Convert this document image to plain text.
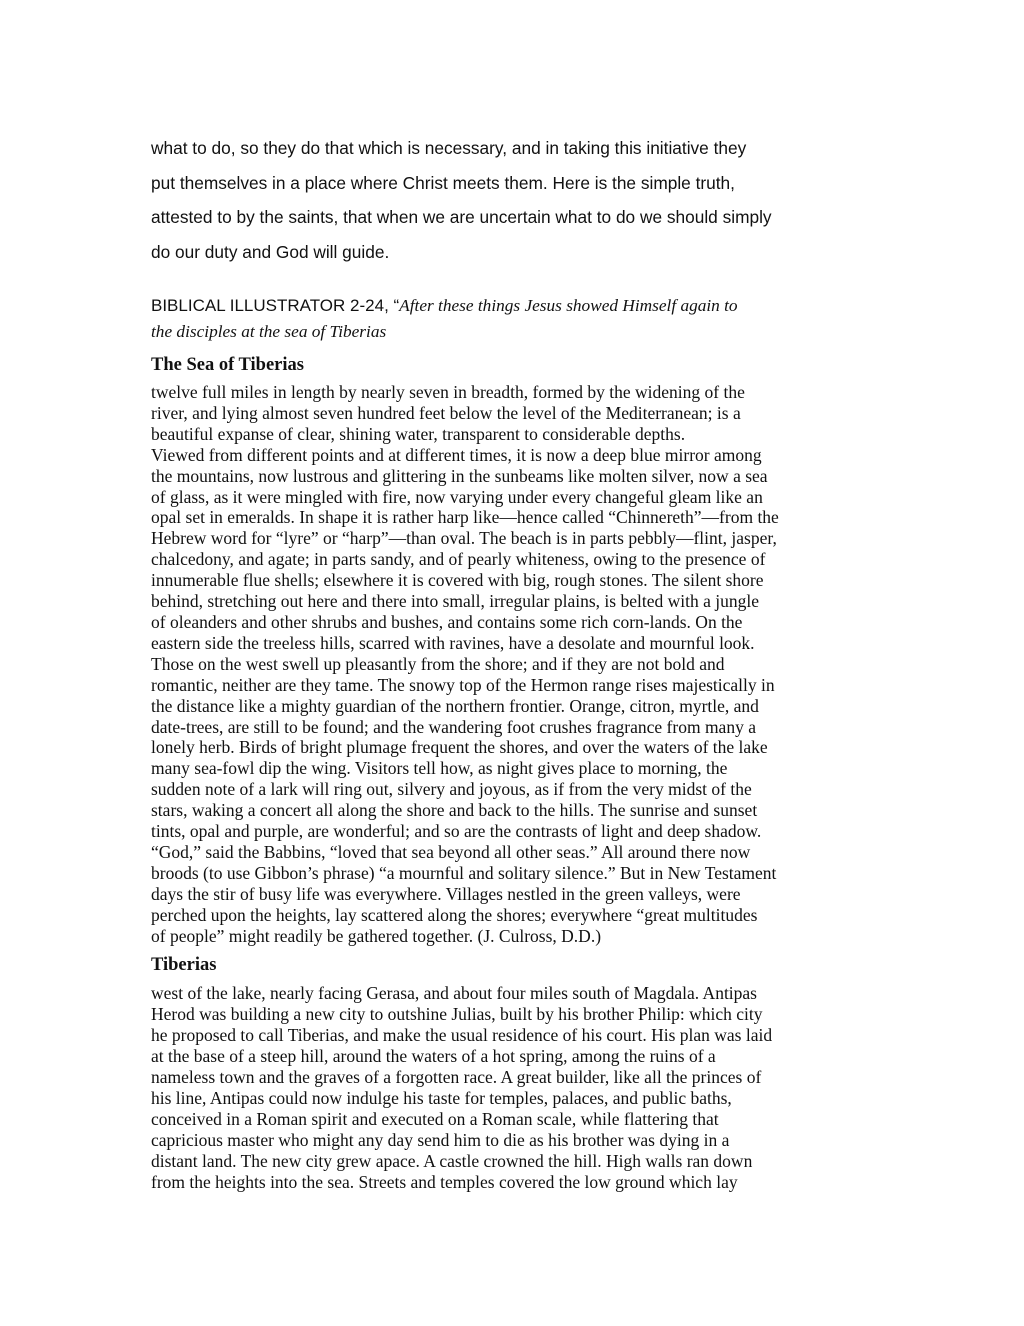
what to do, so they do that which is necessary, and in taking this initiative they
put themselves in a place where Christ meets them. Here is the simple truth,
attested to by the saints, that when we are uncertain what to do we should simply
do our duty and God will guide.

BIBLICAL ILLUSTRATOR 2-24, “After these things Jesus showed Himself again to
the disciples at the sea of Tiberias

The Sea of Tiberias

twelve full miles in length by nearly seven in breadth, formed by the widening of the
river, and lying almost seven hundred feet below the level of the Mediterranean; is a
beautiful expanse of clear, shining water, transparent to considerable depths.
Viewed from different points and at different times, it is now a deep blue mirror among
the mountains, now lustrous and glittering in the sunbeams like molten silver, now a sea
of glass, as it were mingled with fire, now varying under every changeful gleam like an
opal set in emeralds. In shape it is rather harp like—hence called “Chinnereth”—from the
Hebrew word for “lyre” or “harp”—than oval. The beach is in parts pebbly—flint, jasper,
chalcedony, and agate; in parts sandy, and of pearly whiteness, owing to the presence of
innumerable flue shells; elsewhere it is covered with big, rough stones. The silent shore
behind, stretching out here and there into small, irregular plains, is belted with a jungle
of oleanders and other shrubs and bushes, and contains some rich corn-lands. On the
eastern side the treeless hills, scarred with ravines, have a desolate and mournful look.
Those on the west swell up pleasantly from the shore; and if they are not bold and
romantic, neither are they tame. The snowy top of the Hermon range rises majestically in
the distance like a mighty guardian of the northern frontier. Orange, citron, myrtle, and
date-trees, are still to be found; and the wandering foot crushes fragrance from many a
lonely herb. Birds of bright plumage frequent the shores, and over the waters of the lake
many sea-fowl dip the wing. Visitors tell how, as night gives place to morning, the
sudden note of a lark will ring out, silvery and joyous, as if from the very midst of the
stars, waking a concert all along the shore and back to the hills. The sunrise and sunset
tints, opal and purple, are wonderful; and so are the contrasts of light and deep shadow.
“God,” said the Babbins, “loved that sea beyond all other seas.” All around there now
broods (to use Gibbon’s phrase) “a mournful and solitary silence.” But in New Testament
days the stir of busy life was everywhere. Villages nestled in the green valleys, were
perched upon the heights, lay scattered along the shores; everywhere “great multitudes
of people” might readily be gathered together. (J. Culross, D.D.)

Tiberias

west of the lake, nearly facing Gerasa, and about four miles south of Magdala. Antipas
Herod was building a new city to outshine Julias, built by his brother Philip: which city
he proposed to call Tiberias, and make the usual residence of his court. His plan was laid
at the base of a steep hill, around the waters of a hot spring, among the ruins of a
nameless town and the graves of a forgotten race. A great builder, like all the princes of
his line, Antipas could now indulge his taste for temples, palaces, and public baths,
conceived in a Roman spirit and executed on a Roman scale, while flattering that
capricious master who might any day send him to die as his brother was dying in a
distant land. The new city grew apace. A castle crowned the hill. High walls ran down
from the heights into the sea. Streets and temples covered the low ground which lay
